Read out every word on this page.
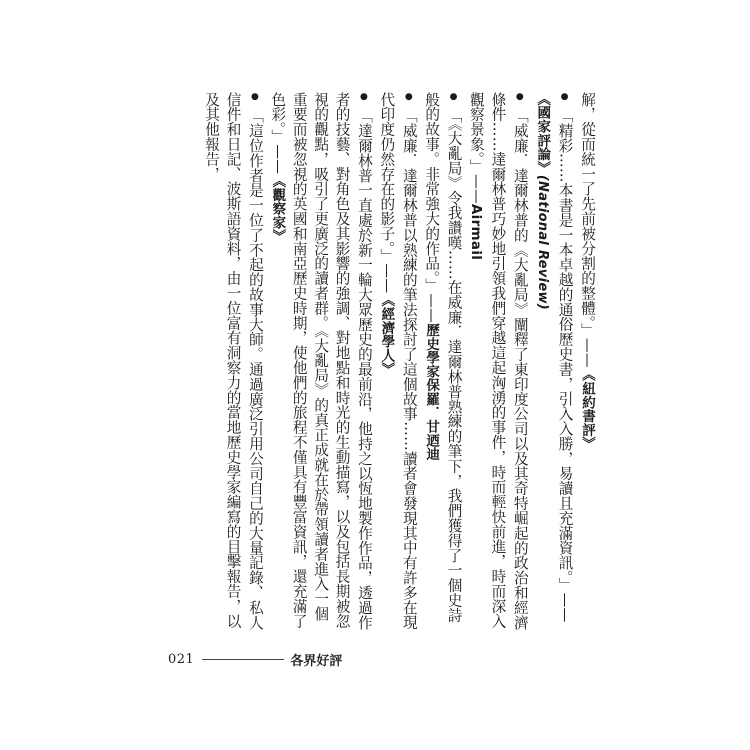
解，從而統一了先前被分割的整體。」——《紐約書評》

●「精彩……本書是一本卓越的通俗歷史書，引入入勝，易讀且充滿資訊。」——《國家評論》(National Review)

●「威廉．達爾林普的《大亂局》闡釋了東印度公司以及其奇特崛起的政治和經濟條件……達爾林普巧妙地引領我們穿越這起洶湧的事件，時而輕快前進，時而深入觀察景象。」——Airmail

●「《大亂局》令我讚嘆……在威廉．達爾林普熟練的筆下，我們獲得了一個史詩般的故事。非常強大的作品。」——歷史學家保羅．甘迺迪

●「威廉．達爾林普以熟練的筆法探討了這個故事……讀者會發現其中有許多在現代印度仍然存在的影子。」——《經濟學人》

●「達爾林普一直處於新一輪大眾歷史的最前沿，他持之以恆地製作作品，透過作者的技藝、對角色及其影響的強調、對地點和時光的生動描寫，以及包括長期被忽視的觀點，吸引了更廣泛的讀者群。《大亂局》的真正成就在於帶領讀者進入一個重要而被忽視的英國和南亞歷史時期，使他們的旅程不僅具有豐富資訊，還充滿了色彩。」——《觀察家》

●「這位作者是一位了不起的故事大師。通過廣泛引用公司自己的大量記錄、私人信件和日記、波斯語資料，由一位富有洞察力的當地歷史學家編寫的目擊報告，以及其他報告，

021	各界好評
